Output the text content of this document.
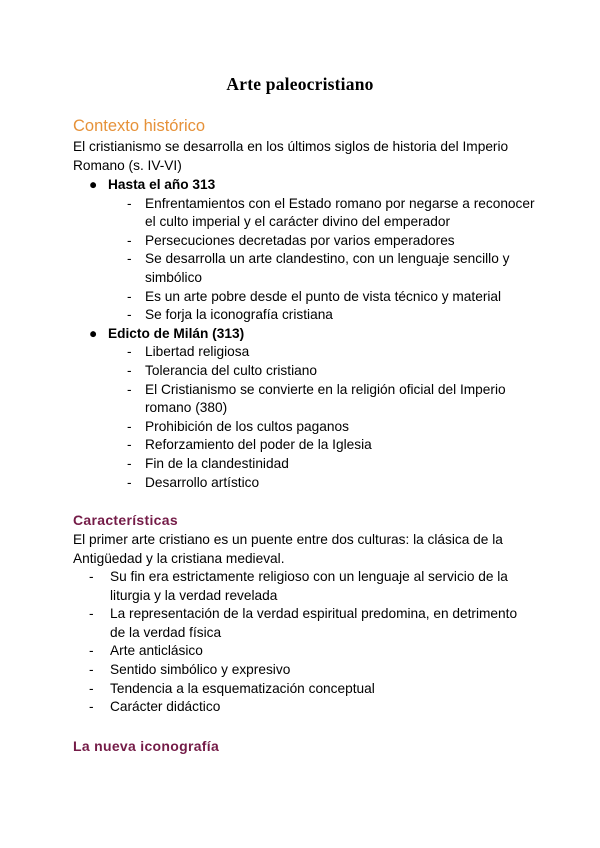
Arte paleocristiano
Contexto histórico

El cristianismo se desarrolla en los últimos siglos de historia del Imperio Romano (s. IV-VI)

● Hasta el año 313
- Enfrentamientos con el Estado romano por negarse a reconocer el culto imperial y el carácter divino del emperador
- Persecuciones decretadas por varios emperadores
- Se desarrolla un arte clandestino, con un lenguaje sencillo y simbólico
- Es un arte pobre desde el punto de vista técnico y material
- Se forja la iconografía cristiana
● Edicto de Milán (313)
- Libertad religiosa
- Tolerancia del culto cristiano
- El Cristianismo se convierte en la religión oficial del Imperio romano (380)
- Prohibición de los cultos paganos
- Reforzamiento del poder de la Iglesia
- Fin de la clandestinidad
- Desarrollo artístico
Características

El primer arte cristiano es un puente entre dos culturas: la clásica de la Antigüedad y la cristiana medieval.

- Su fin era estrictamente religioso con un lenguaje al servicio de la liturgia y la verdad revelada
- La representación de la verdad espiritual predomina, en detrimento de la verdad física
- Arte anticlásico
- Sentido simbólico y expresivo
- Tendencia a la esquematización conceptual
- Carácter didáctico
La nueva iconografía
